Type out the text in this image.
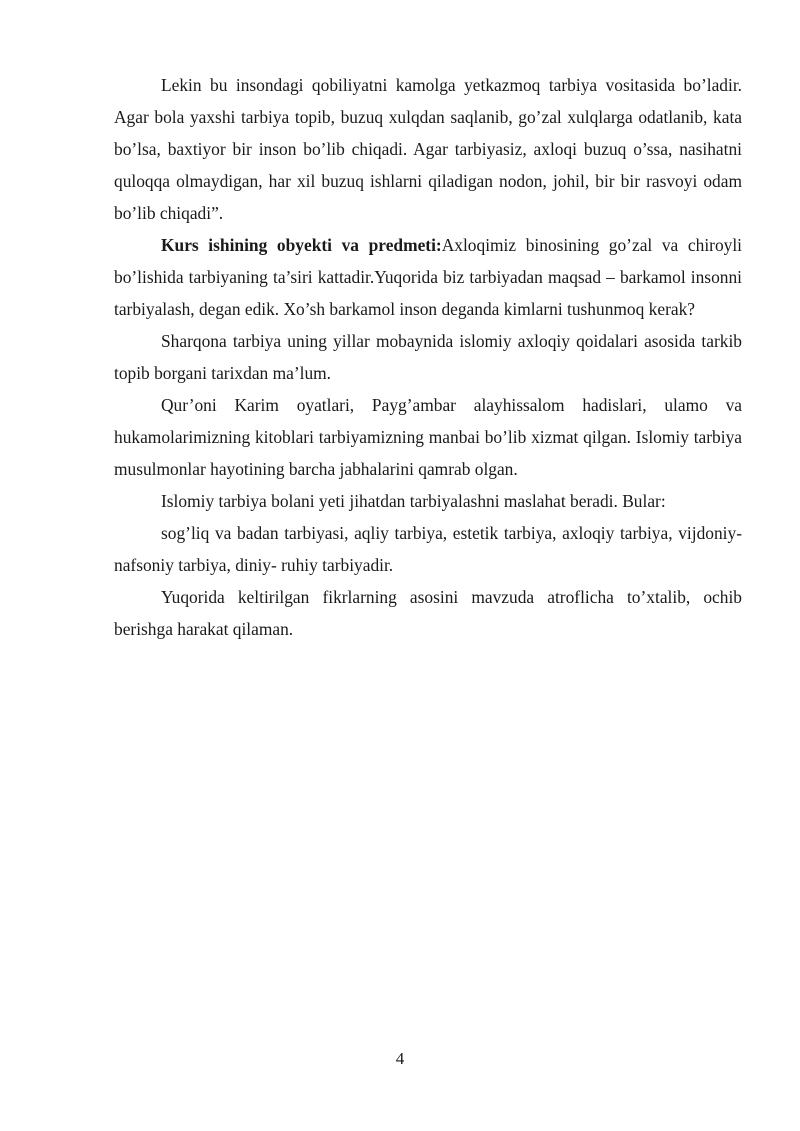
Lekin bu insondagi qobiliyatni kamolga yetkazmoq tarbiya vositasida bo’ladir. Agar bola yaxshi tarbiya topib, buzuq xulqdan saqlanib, go’zal xulqlarga odatlanib, kata bo’lsa, baxtiyor bir inson bo’lib chiqadi. Agar tarbiyasiz, axloqi buzuq o’ssa, nasihatni quloqqa olmaydigan, har xil buzuq ishlarni qiladigan nodon, johil, bir bir rasvoyi odam bo’lib chiqadi”.

Kurs ishining obyekti va predmeti:Axloqimiz binosining go’zal va chiroyli bo’lishida tarbiyaning ta’siri kattadir.Yuqorida biz tarbiyadan maqsad – barkamol insonni tarbiyalash, degan edik. Xo’sh barkamol inson deganda kimlarni tushunmoq kerak?

Sharqona tarbiya uning yillar mobaynida islomiy axloqiy qoidalari asosida tarkib topib borgani tarixdan ma’lum.

Qur’oni Karim oyatlari, Payg’ambar alayhissalom hadislari, ulamo va hukamolarimizning kitoblari tarbiyamizning manbai bo’lib xizmat qilgan. Islomiy tarbiya musulmonlar hayotining barcha jabhalarini qamrab olgan.

Islomiy tarbiya bolani yeti jihatdan tarbiyalashni maslahat beradi. Bular:

sog’liq va badan tarbiyasi, aqliy tarbiya, estetik tarbiya, axloqiy tarbiya, vijdoniy- nafsoniy tarbiya, diniy- ruhiy tarbiyadir.

Yuqorida keltirilgan fikrlarning asosini mavzuda atroflicha to’xtalib, ochib berishga harakat qilaman.

4
